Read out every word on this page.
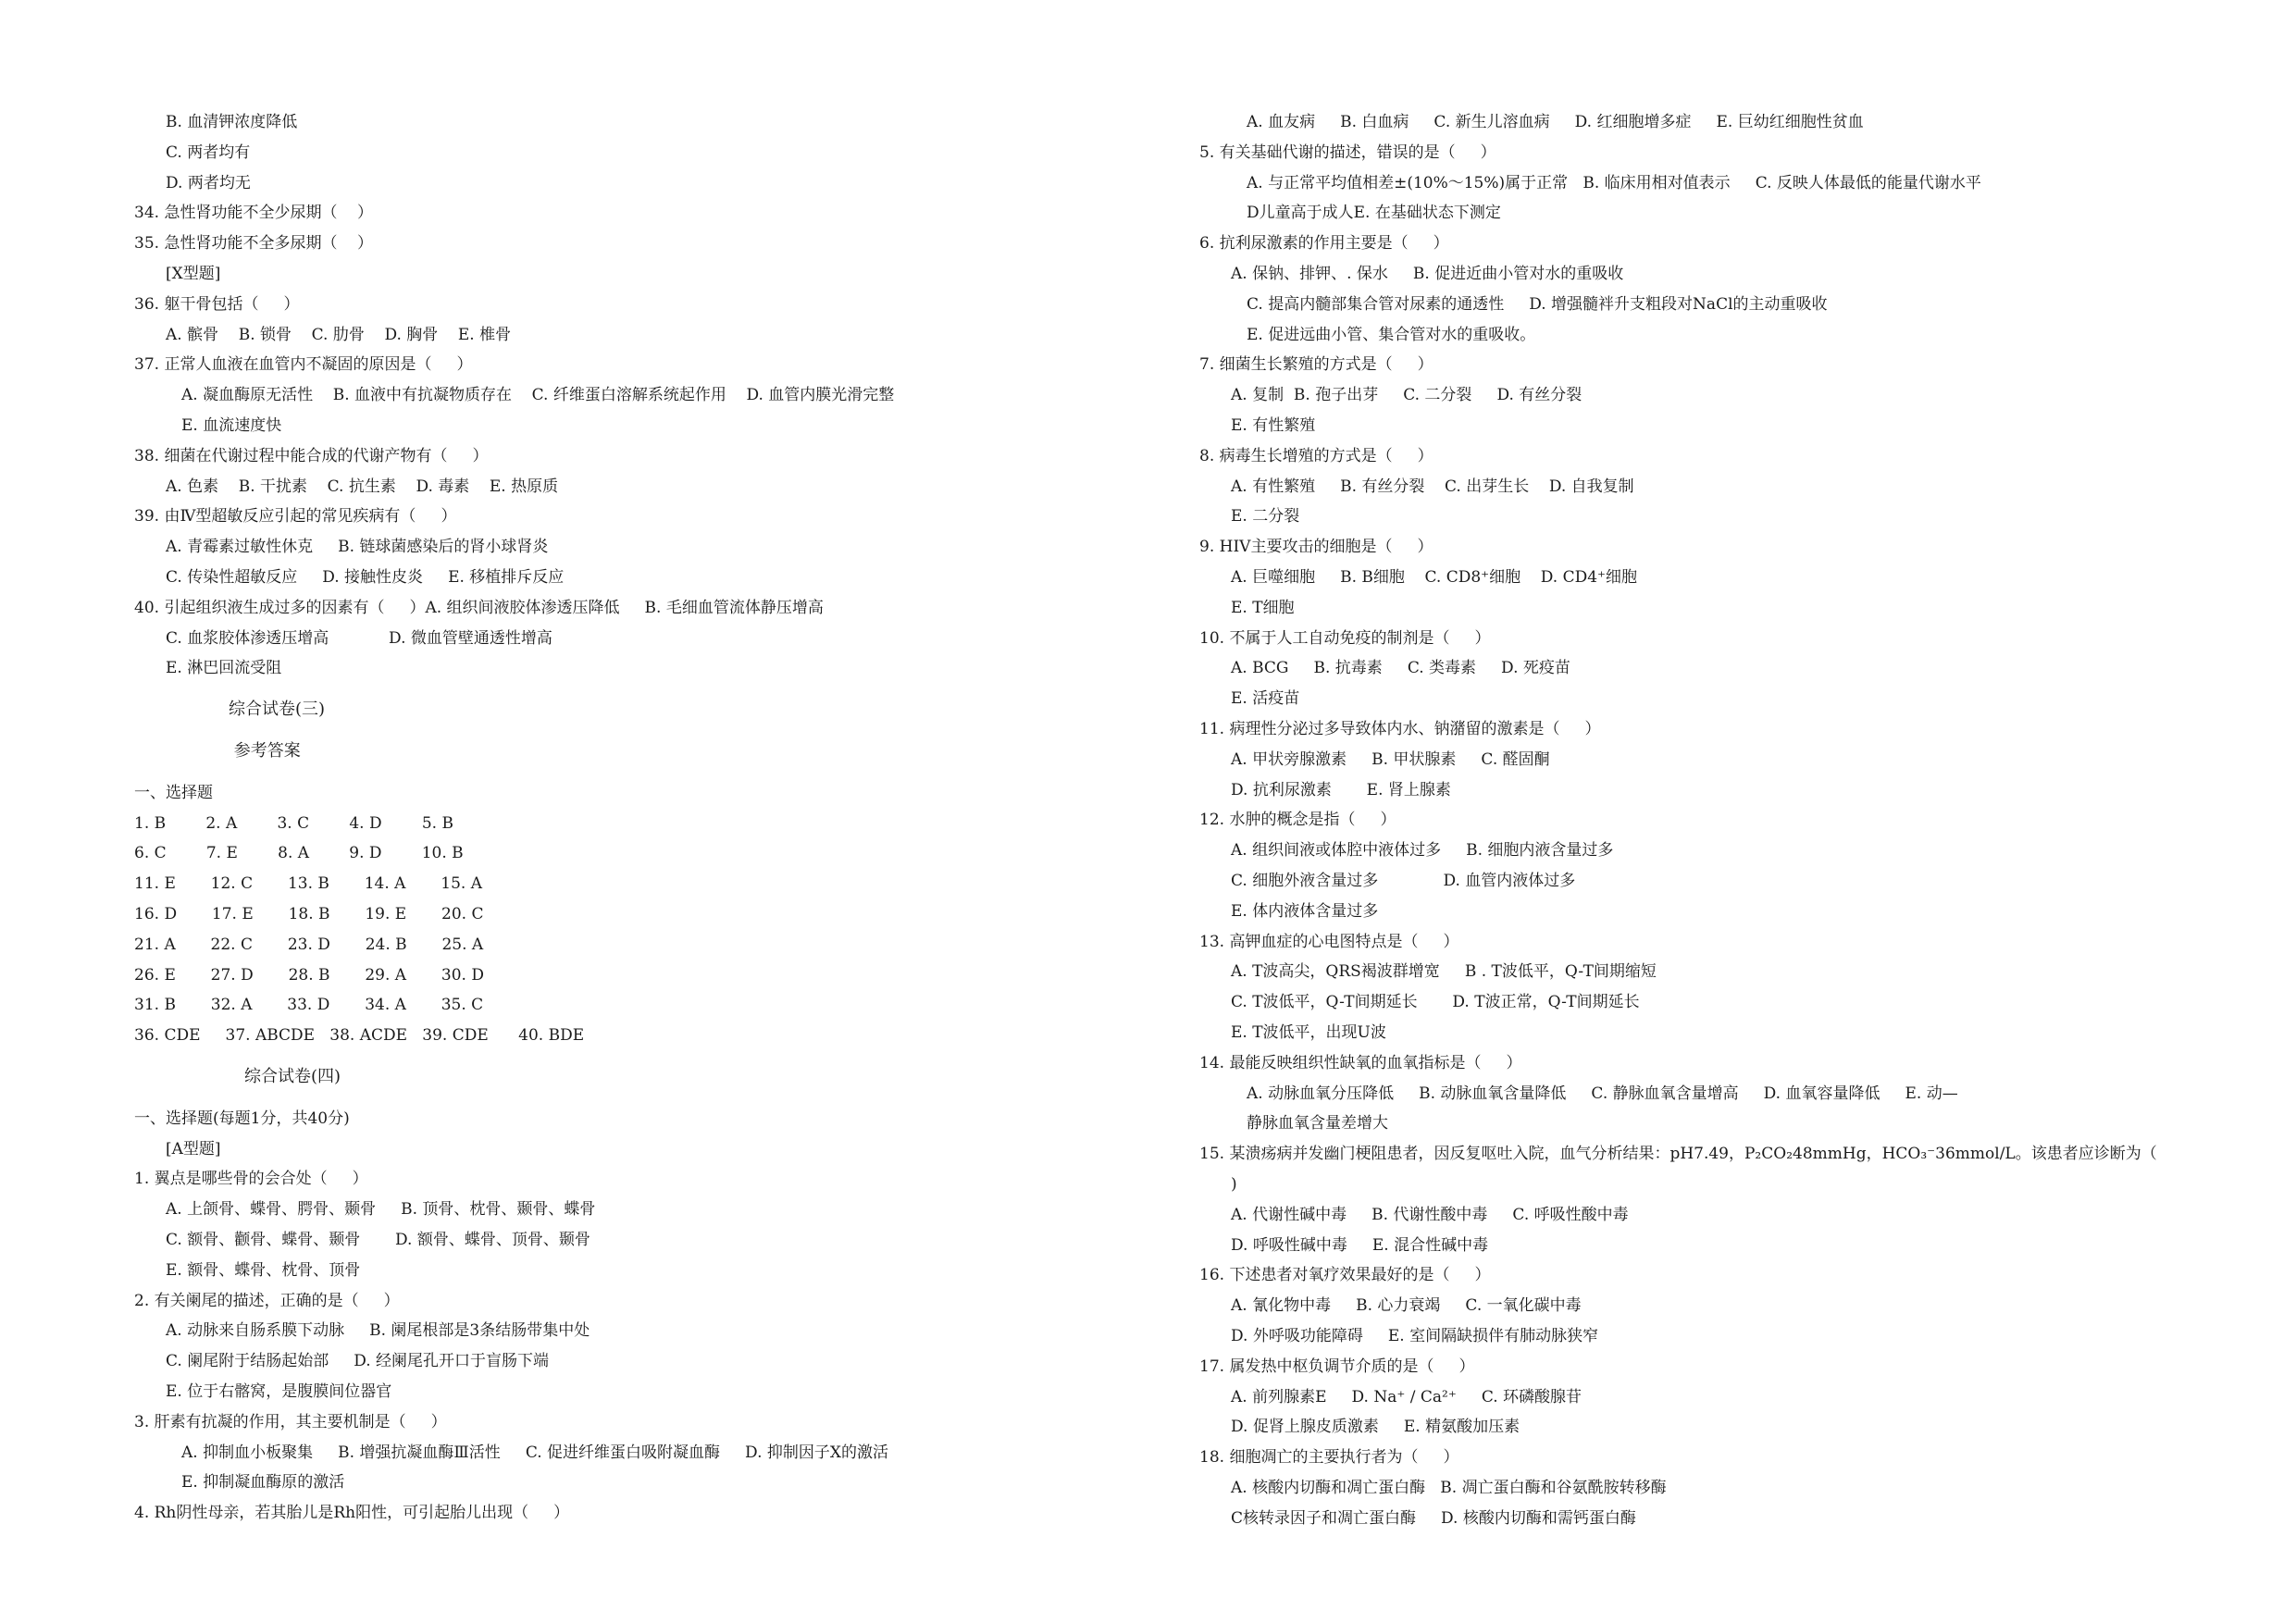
B. 血清钾浓度降低
C. 两者均有
D. 两者均无
34. 急性肾功能不全少尿期（    ）
35. 急性肾功能不全多尿期（    ）
[X型题]
36. 躯干骨包括（     ）
A. 髌骨    B. 锁骨    C. 肋骨    D. 胸骨    E. 椎骨
37. 正常人血液在血管内不凝固的原因是（     ）
A. 凝血酶原无活性    B. 血液中有抗凝物质存在    C. 纤维蛋白溶解系统起作用    D. 血管内膜光滑完整
E. 血流速度快
38. 细菌在代谢过程中能合成的代谢产物有（     ）
A. 色素    B. 干扰素    C. 抗生素    D. 毒素    E. 热原质
39. 由Ⅳ型超敏反应引起的常见疾病有（     ）
A. 青霉素过敏性休克     B. 链球菌感染后的肾小球肾炎
C. 传染性超敏反应     D. 接触性皮炎     E. 移植排斥反应
40. 引起组织液生成过多的因素有（     ）A. 组织间液胶体渗透压降低     B. 毛细血管流体静压增高
C. 血浆胶体渗透压增高            D. 微血管壁通透性增高
E. 淋巴回流受阻
综合试卷(三)
参考答案
一、选择题
1. B        2. A        3. C        4. D        5. B
6. C        7. E        8. A        9. D        10. B
11. E       12. C       13. B       14. A       15. A
16. D       17. E       18. B       19. E       20. C
21. A       22. C       23. D       24. B       25. A
26. E       27. D       28. B       29. A       30. D
31. B       32. A       33. D       34. A       35. C
36. CDE     37. ABCDE   38. ACDE   39. CDE      40. BDE
综合试卷(四)
一、选择题(每题1分，共40分)
[A型题]
1. 翼点是哪些骨的会合处（     ）
A. 上颌骨、蝶骨、腭骨、颞骨     B. 顶骨、枕骨、颞骨、蝶骨
C. 额骨、颧骨、蝶骨、颞骨       D. 额骨、蝶骨、顶骨、颞骨
E. 额骨、蝶骨、枕骨、顶骨
2. 有关阑尾的描述，正确的是（     ）
A. 动脉来自肠系膜下动脉     B. 阑尾根部是3条结肠带集中处
C. 阑尾附于结肠起始部     D. 经阑尾孔开口于盲肠下端
E. 位于右髂窝，是腹膜间位器官
3. 肝素有抗凝的作用，其主要机制是（     ）
A. 抑制血小板聚集     B. 增强抗凝血酶Ⅲ活性     C. 促进纤维蛋白吸附凝血酶     D. 抑制因子X的激活
E. 抑制凝血酶原的激活
4. Rh阴性母亲，若其胎儿是Rh阳性，可引起胎儿出现（     ）
A. 血友病     B. 白血病     C. 新生儿溶血病     D. 红细胞增多症     E. 巨幼红细胞性贫血
5. 有关基础代谢的描述，错误的是（     ）
A. 与正常平均值相差±(10%～15%)属于正常   B. 临床用相对值表示     C. 反映人体最低的能量代谢水平
D儿童高于成人E. 在基础状态下测定
6. 抗利尿激素的作用主要是（     ）
A. 保钠、排钾、. 保水     B. 促进近曲小管对水的重吸收
C. 提高内髓部集合管对尿素的通透性     D. 增强髓袢升支粗段对NaCl的主动重吸收
E. 促进远曲小管、集合管对水的重吸收。
7. 细菌生长繁殖的方式是（     ）
A. 复制  B. 孢子出芽     C. 二分裂     D. 有丝分裂
E. 有性繁殖
8. 病毒生长增殖的方式是（     ）
A. 有性繁殖     B. 有丝分裂    C. 出芽生长    D. 自我复制
E. 二分裂
9. HIV主要攻击的细胞是（     ）
A. 巨噬细胞     B. B细胞    C. CD8⁺细胞    D. CD4⁺细胞
E. T细胞
10. 不属于人工自动免疫的制剂是（     ）
A. BCG     B. 抗毒素     C. 类毒素     D. 死疫苗
E. 活疫苗
11. 病理性分泌过多导致体内水、钠潴留的激素是（     ）
A. 甲状旁腺激素     B. 甲状腺素     C. 醛固酮
D. 抗利尿激素       E. 肾上腺素
12. 水肿的概念是指（     ）
A. 组织间液或体腔中液体过多     B. 细胞内液含量过多
C. 细胞外液含量过多             D. 血管内液体过多
E. 体内液体含量过多
13. 高钾血症的心电图特点是（     ）
A. T波高尖，QRS褐波群增宽     B . T波低平，Q-T间期缩短
C. T波低平，Q-T间期延长       D. T波正常，Q-T间期延长
E. T波低平，出现U波
14. 最能反映组织性缺氧的血氧指标是（     ）
A. 动脉血氧分压降低     B. 动脉血氧含量降低     C. 静脉血氧含量增高     D. 血氧容量降低     E. 动—
静脉血氧含量差增大
15. 某溃疡病并发幽门梗阻患者，因反复呕吐入院，血气分析结果：pH7.49，P₂CO₂48mmHg，HCO₃⁻36mmol/L。该患者应诊断为（
)
A. 代谢性碱中毒     B. 代谢性酸中毒     C. 呼吸性酸中毒
D. 呼吸性碱中毒     E. 混合性碱中毒
16. 下述患者对氧疗效果最好的是（     ）
A. 氰化物中毒     B. 心力衰竭     C. 一氧化碳中毒
D. 外呼吸功能障碍     E. 室间隔缺损伴有肺动脉狭窄
17. 属发热中枢负调节介质的是（     ）
A. 前列腺素E     D. Na⁺ / Ca²⁺     C. 环磷酸腺苷
D. 促肾上腺皮质激素     E. 精氨酸加压素
18. 细胞凋亡的主要执行者为（     ）
A. 核酸内切酶和凋亡蛋白酶   B. 凋亡蛋白酶和谷氨酰胺转移酶
C核转录因子和凋亡蛋白酶     D. 核酸内切酶和需钙蛋白酶
